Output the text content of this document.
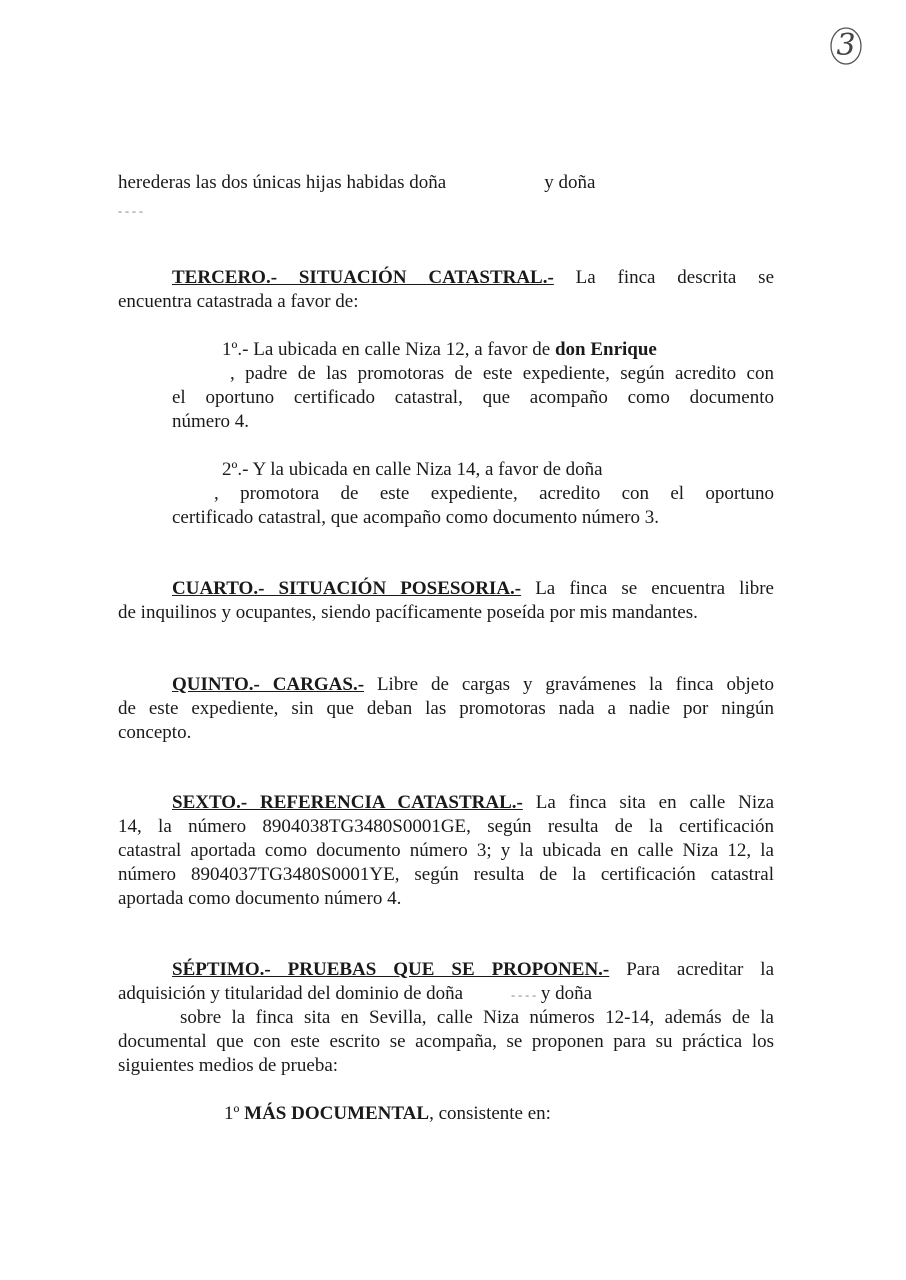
3
herederas las dos únicas hijas habidas doña	y doña
- - - -
TERCERO.- SITUACIÓN CATASTRAL.- La finca descrita se
encuentra catastrada a favor de:
1º.- La ubicada en calle Niza 12, a favor de don Enrique
, padre de las promotoras de este expediente, según acredito con
el oportuno certificado catastral, que acompaño como documento
número 4.
2º.- Y la ubicada en calle Niza 14, a favor de doña
, promotora de este expediente, acredito con el oportuno
certificado catastral, que acompaño como documento número 3.
CUARTO.- SITUACIÓN POSESORIA.- La finca se encuentra libre
de inquilinos y ocupantes, siendo pacíficamente poseída por mis mandantes.
QUINTO.- CARGAS.- Libre de cargas y gravámenes la finca objeto
de este expediente, sin que deban las promotoras nada a nadie por ningún
concepto.
SEXTO.- REFERENCIA CATASTRAL.- La finca sita en calle Niza
14, la número 8904038TG3480S0001GE, según resulta de la certificación
catastral aportada como documento número 3; y la ubicada en calle Niza 12, la
número 8904037TG3480S0001YE, según resulta de la certificación catastral
aportada como documento número 4.
SÉPTIMO.- PRUEBAS QUE SE PROPONEN.- Para acreditar la
adquisición y titularidad del dominio de doña	- - - - y doña
sobre la finca sita en Sevilla, calle Niza números 12-14, además de la
documental que con este escrito se acompaña, se proponen para su práctica los
siguientes medios de prueba:
1º MÁS DOCUMENTAL, consistente en:
